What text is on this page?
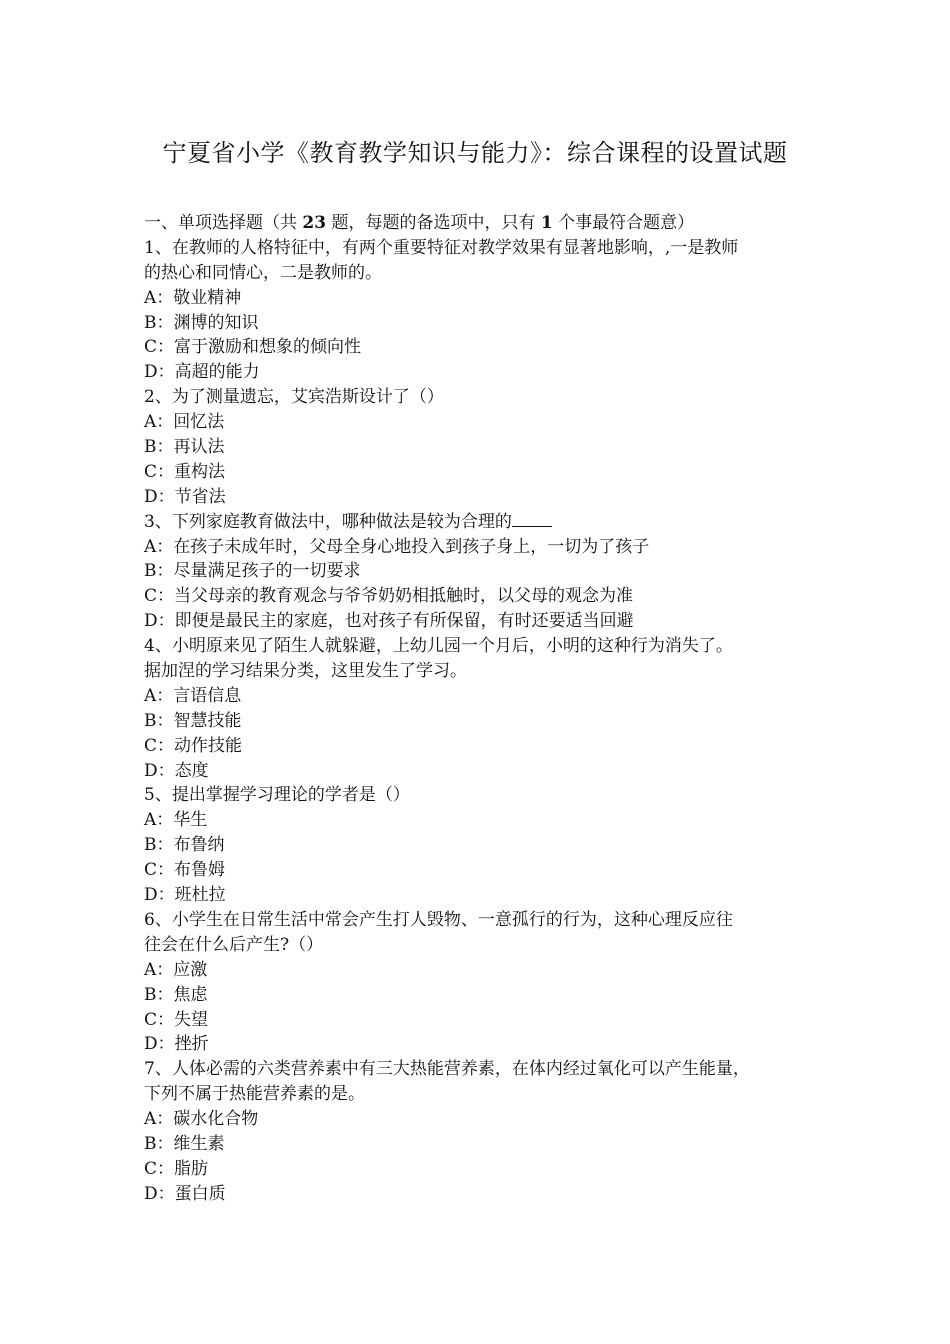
宁夏省小学《教育教学知识与能力》：综合课程的设置试题
一、单项选择题（共 23 题，每题的备选项中，只有 1 个事最符合题意）
1、在教师的人格特征中，有两个重要特征对教学效果有显著地影响，,一是教师
的热心和同情心，二是教师的。
A：敬业精神
B：渊博的知识
C：富于激励和想象的倾向性
D：高超的能力
2、为了测量遗忘，艾宾浩斯设计了（）
A：回忆法
B：再认法
C：重构法
D：节省法
3、下列家庭教育做法中，哪种做法是较为合理的
A：在孩子未成年时，父母全身心地投入到孩子身上，一切为了孩子
B：尽量满足孩子的一切要求
C：当父母亲的教育观念与爷爷奶奶相抵触时，以父母的观念为准
D：即便是最民主的家庭，也对孩子有所保留，有时还要适当回避
4、小明原来见了陌生人就躲避，上幼儿园一个月后，小明的这种行为消失了。
据加涅的学习结果分类，这里发生了学习。
A：言语信息
B：智慧技能
C：动作技能
D：态度
5、提出掌握学习理论的学者是（）
A：华生
B：布鲁纳
C：布鲁姆
D：班杜拉
6、小学生在日常生活中常会产生打人毁物、一意孤行的行为，这种心理反应往
往会在什么后产生?（）
A：应激
B：焦虑
C：失望
D：挫折
7、人体必需的六类营养素中有三大热能营养素，在体内经过氧化可以产生能量，
下列不属于热能营养素的是。
A：碳水化合物
B：维生素
C：脂肪
D：蛋白质
